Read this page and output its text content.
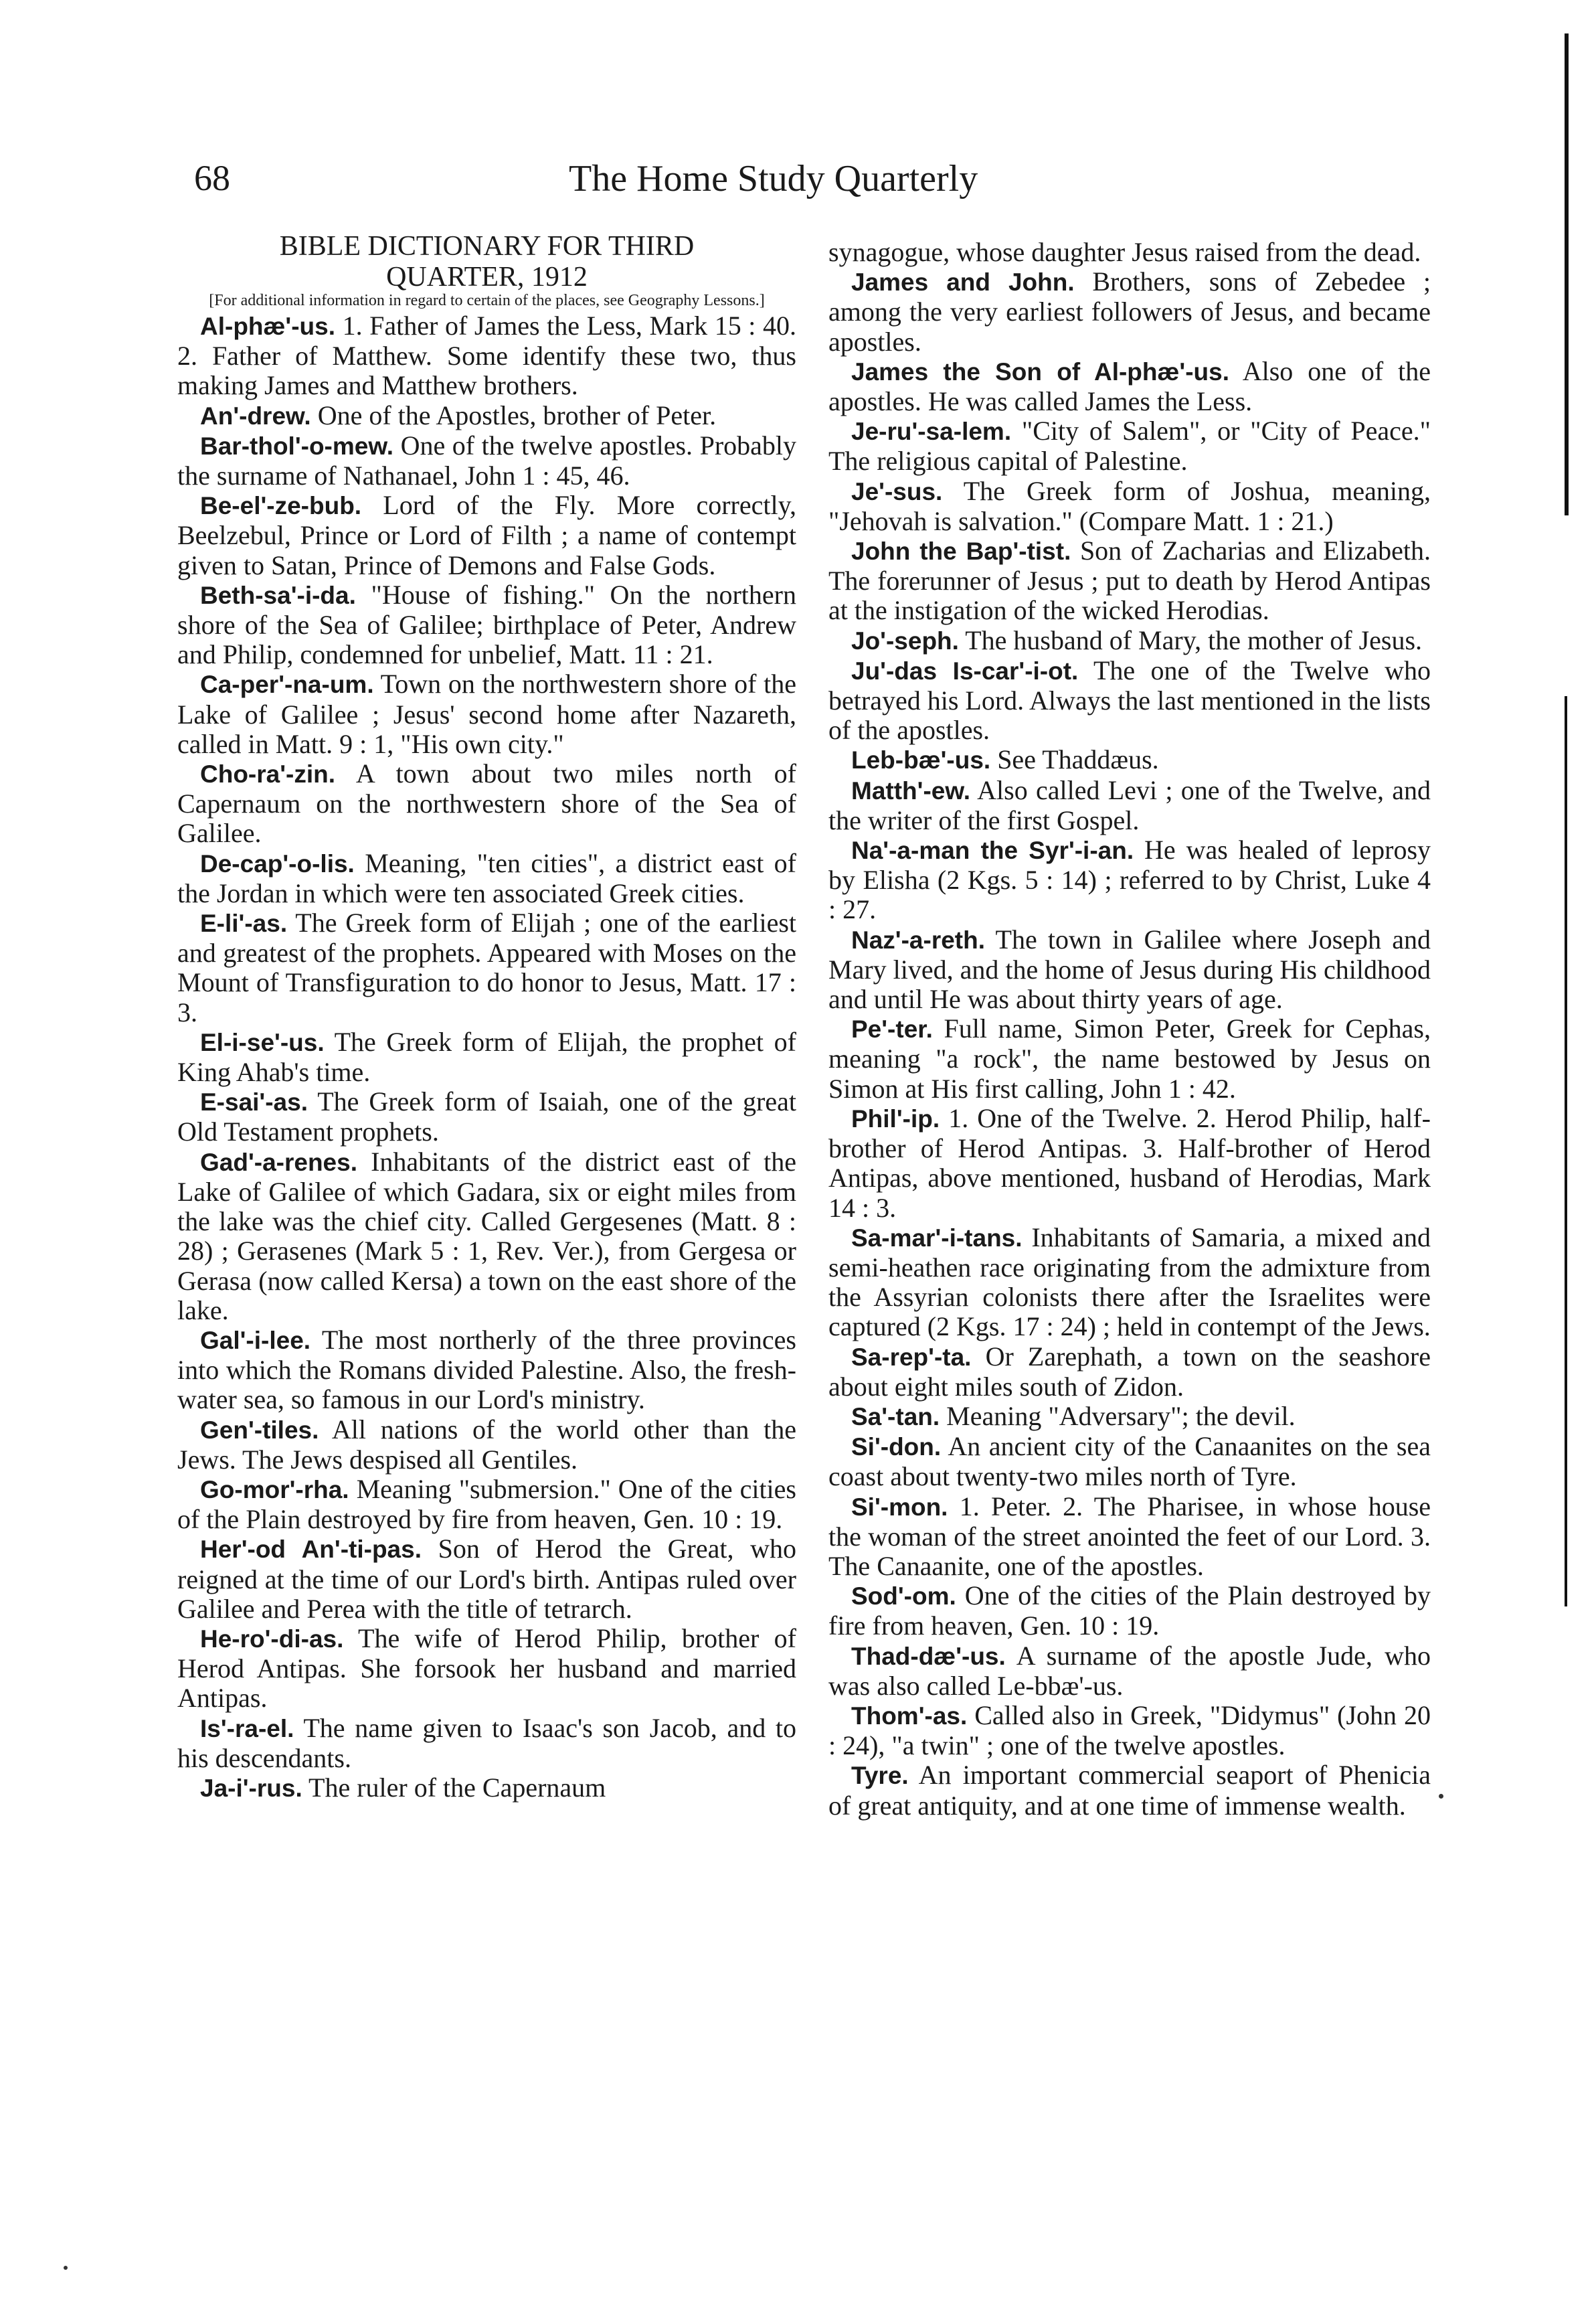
68	The Home Study Quarterly

BIBLE DICTIONARY FOR THIRD

QUARTER, 1912

[For additional information in regard to certain of the places, see Geography Lessons.]

Al-phæ'-us. 1. Father of James the Less, Mark 15 : 40. 2. Father of Matthew. Some identify these two, thus making James and Matthew brothers.

An'-drew. One of the Apostles, brother of Peter.

Bar-thol'-o-mew. One of the twelve apostles. Probably the surname of Nathanael, John 1 : 45, 46.

Be-el'-ze-bub. Lord of the Fly. More correctly, Beelzebul, Prince or Lord of Filth ; a name of contempt given to Satan, Prince of Demons and False Gods.

Beth-sa'-i-da. "House of fishing." On the northern shore of the Sea of Galilee; birthplace of Peter, Andrew and Philip, condemned for unbelief, Matt. 11 : 21.

Ca-per'-na-um. Town on the northwestern shore of the Lake of Galilee ; Jesus' second home after Nazareth, called in Matt. 9 : 1, "His own city."

Cho-ra'-zin. A town about two miles north of Capernaum on the northwestern shore of the Sea of Galilee.

De-cap'-o-lis. Meaning, "ten cities", a district east of the Jordan in which were ten associated Greek cities.

E-li'-as. The Greek form of Elijah ; one of the earliest and greatest of the prophets. Appeared with Moses on the Mount of Transfiguration to do honor to Jesus, Matt. 17 : 3.

El-i-se'-us. The Greek form of Elijah, the prophet of King Ahab's time.

E-sai'-as. The Greek form of Isaiah, one of the great Old Testament prophets.

Gad'-a-renes. Inhabitants of the district east of the Lake of Galilee of which Gadara, six or eight miles from the lake was the chief city. Called Gergesenes (Matt. 8 : 28) ; Gerasenes (Mark 5 : 1, Rev. Ver.), from Gergesa or Gerasa (now called Kersa) a town on the east shore of the lake.

Gal'-i-lee. The most northerly of the three provinces into which the Romans divided Palestine. Also, the fresh-water sea, so famous in our Lord's ministry.

Gen'-tiles. All nations of the world other than the Jews. The Jews despised all Gentiles.

Go-mor'-rha. Meaning "submersion." One of the cities of the Plain destroyed by fire from heaven, Gen. 10 : 19.

Her'-od An'-ti-pas. Son of Herod the Great, who reigned at the time of our Lord's birth. Antipas ruled over Galilee and Perea with the title of tetrarch.

He-ro'-di-as. The wife of Herod Philip, brother of Herod Antipas. She forsook her husband and married Antipas.

Is'-ra-el. The name given to Isaac's son Jacob, and to his descendants.

Ja-i'-rus. The ruler of the Capernaum

synagogue, whose daughter Jesus raised from the dead.

James and John. Brothers, sons of Zebedee ; among the very earliest followers of Jesus, and became apostles.

James the Son of Al-phæ'-us. Also one of the apostles. He was called James the Less.

Je-ru'-sa-lem. "City of Salem", or "City of Peace." The religious capital of Palestine.

Je'-sus. The Greek form of Joshua, meaning, "Jehovah is salvation." (Compare Matt. 1 : 21.)

John the Bap'-tist. Son of Zacharias and Elizabeth. The forerunner of Jesus ; put to death by Herod Antipas at the instigation of the wicked Herodias.

Jo'-seph. The husband of Mary, the mother of Jesus.

Ju'-das Is-car'-i-ot. The one of the Twelve who betrayed his Lord. Always the last mentioned in the lists of the apostles.

Leb-bæ'-us. See Thaddæus.

Matth'-ew. Also called Levi ; one of the Twelve, and the writer of the first Gospel.

Na'-a-man the Syr'-i-an. He was healed of leprosy by Elisha (2 Kgs. 5 : 14) ; referred to by Christ, Luke 4 : 27.

Naz'-a-reth. The town in Galilee where Joseph and Mary lived, and the home of Jesus during His childhood and until He was about thirty years of age.

Pe'-ter. Full name, Simon Peter, Greek for Cephas, meaning "a rock", the name bestowed by Jesus on Simon at His first calling, John 1 : 42.

Phil'-ip. 1. One of the Twelve. 2. Herod Philip, half-brother of Herod Antipas. 3. Half-brother of Herod Antipas, above mentioned, husband of Herodias, Mark 14 : 3.

Sa-mar'-i-tans. Inhabitants of Samaria, a mixed and semi-heathen race originating from the admixture from the Assyrian colonists there after the Israelites were captured (2 Kgs. 17 : 24) ; held in contempt of the Jews.

Sa-rep'-ta. Or Zarephath, a town on the seashore about eight miles south of Zidon.

Sa'-tan. Meaning "Adversary"; the devil.

Si'-don. An ancient city of the Canaanites on the sea coast about twenty-two miles north of Tyre.

Si'-mon. 1. Peter. 2. The Pharisee, in whose house the woman of the street anointed the feet of our Lord. 3. The Canaanite, one of the apostles.

Sod'-om. One of the cities of the Plain destroyed by fire from heaven, Gen. 10 : 19.

Thad-dæ'-us. A surname of the apostle Jude, who was also called Le-bbæ'-us.

Thom'-as. Called also in Greek, "Didymus" (John 20 : 24), "a twin" ; one of the twelve apostles.

Tyre. An important commercial seaport of Phenicia of great antiquity, and at one time of immense wealth.
